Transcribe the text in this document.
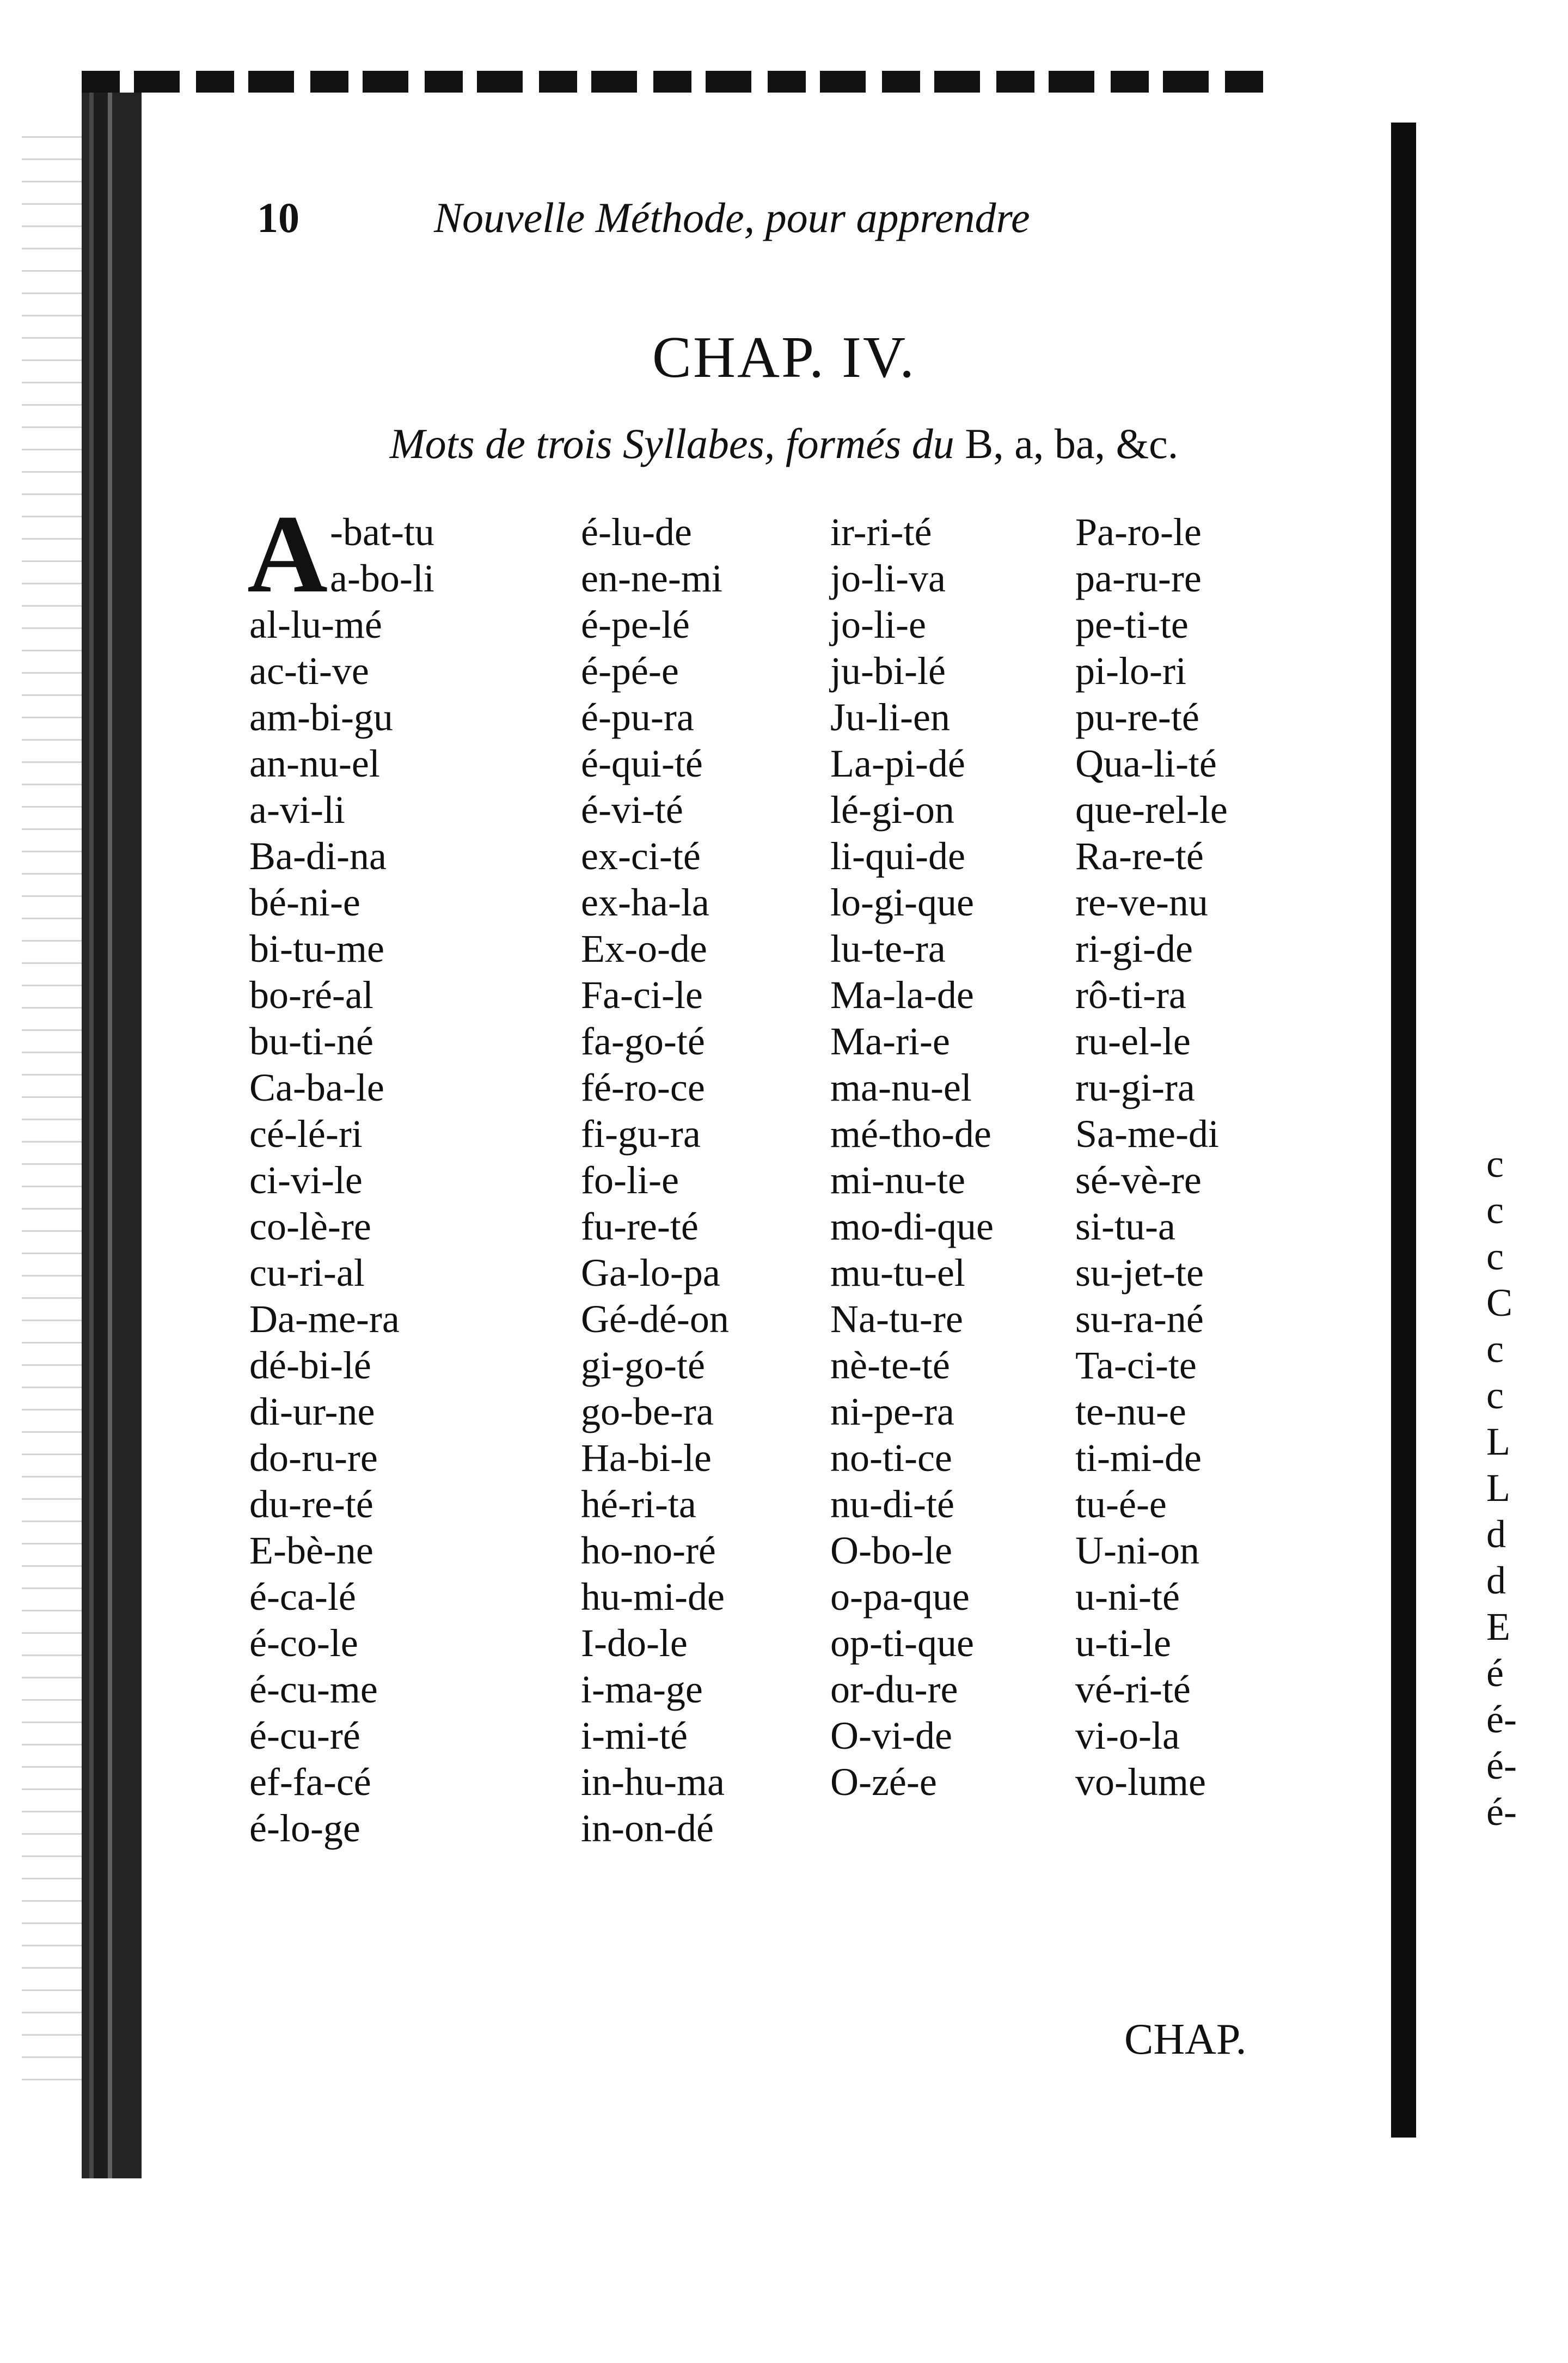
10	Nouvelle Méthode, pour apprendre
CHAP. IV.
Mots de trois Syllabes, formés du B, a, ba, &c.
A -bat-tu
a-bo-li
al-lu-mé
ac-ti-ve
am-bi-gu
an-nu-el
a-vi-li
Ba-di-na
bé-ni-e
bi-tu-me
bo-ré-al
bu-ti-né
Ca-ba-le
cé-lé-ri
ci-vi-le
co-lè-re
cu-ri-al
Da-me-ra
dé-bi-lé
di-ur-ne
do-ru-re
du-re-té
E-bè-ne
é-ca-lé
é-co-le
é-cu-me
é-cu-ré
ef-fa-cé
é-lo-ge
é-lu-de
en-ne-mi
é-pe-lé
é-pé-e
é-pu-ra
é-qui-té
é-vi-té
ex-ci-té
ex-ha-la
Ex-o-de
Fa-ci-le
fa-go-té
fé-ro-ce
fi-gu-ra
fo-li-e
fu-re-té
Ga-lo-pa
Gé-dé-on
gi-go-té
go-be-ra
Ha-bi-le
hé-ri-ta
ho-no-ré
hu-mi-de
I-do-le
i-ma-ge
i-mi-té
in-hu-ma
in-on-dé
ir-ri-té
jo-li-va
jo-li-e
ju-bi-lé
Ju-li-en
La-pi-dé
lé-gi-on
li-qui-de
lo-gi-que
lu-te-ra
Ma-la-de
Ma-ri-e
ma-nu-el
mé-tho-de
mi-nu-te
mo-di-que
mu-tu-el
Na-tu-re
nè-te-té
ni-pe-ra
no-ti-ce
nu-di-té
O-bo-le
o-pa-que
op-ti-que
or-du-re
O-vi-de
O-zé-e
Pa-ro-le
pa-ru-re
pe-ti-te
pi-lo-ri
pu-re-té
Qua-li-té
que-rel-le
Ra-re-té
re-ve-nu
ri-gi-de
rô-ti-ra
ru-el-le
ru-gi-ra
Sa-me-di
sé-vè-re
si-tu-a
su-jet-te
su-ra-né
Ta-ci-te
te-nu-e
ti-mi-de
tu-é-e
U-ni-on
u-ni-té
u-ti-le
vé-ri-té
vi-o-la
vo-lume
c
c
c
C
c
c
L
L
d
d
E
é
é-
é-
é-
CHAP.
